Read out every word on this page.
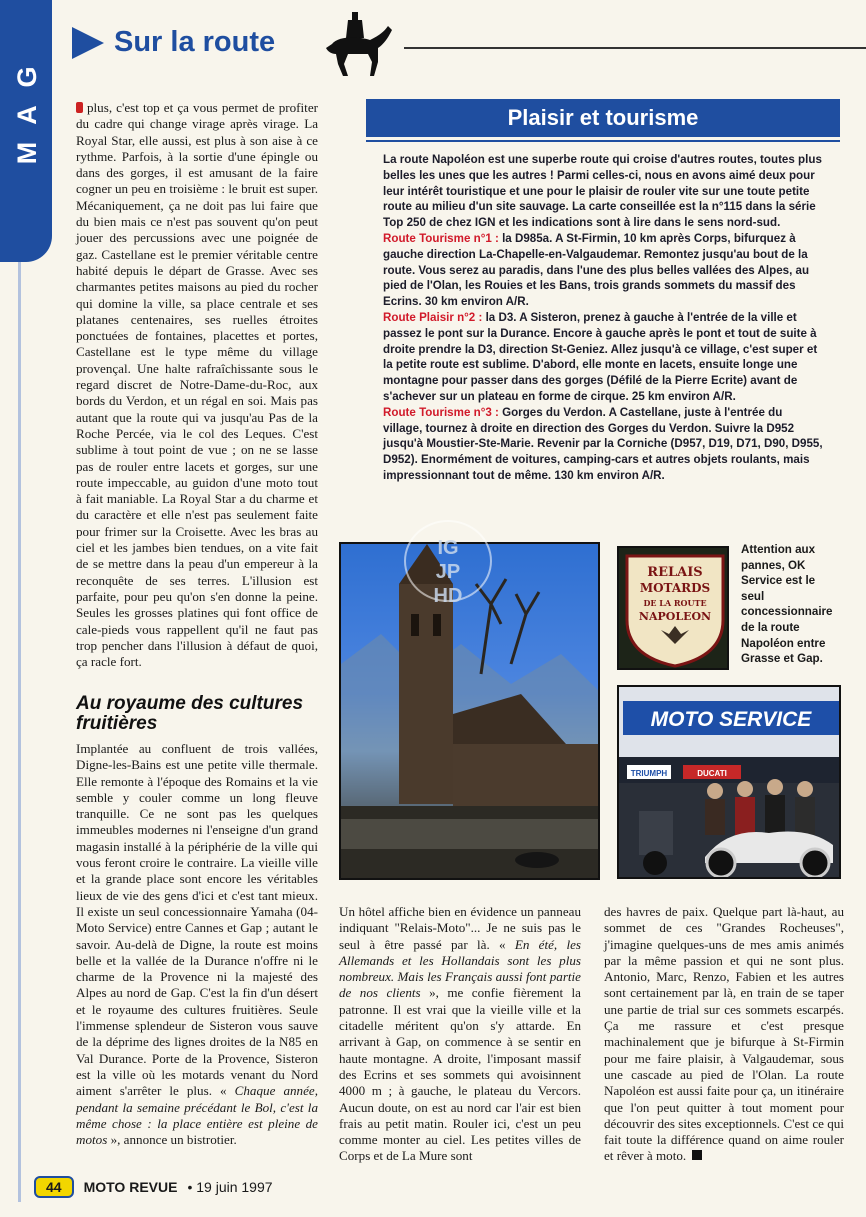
G
A
M
Sur la route
plus, c'est top et ça vous permet de profiter du cadre qui change virage après virage. La Royal Star, elle aussi, est plus à son aise à ce rythme. Parfois, à la sortie d'une épingle ou dans des gorges, il est amusant de la faire cogner un peu en troisième : le bruit est super. Mécaniquement, ça ne doit pas lui faire que du bien mais ce n'est pas souvent qu'on peut jouer des percussions avec une poignée de gaz. Castellane est le premier véritable centre habité depuis le départ de Grasse. Avec ses charmantes petites maisons au pied du rocher qui domine la ville, sa place centrale et ses platanes centenaires, ses ruelles étroites ponctuées de fontaines, placettes et portes, Castellane est le type même du village provençal. Une halte rafraîchissante sous le regard discret de Notre-Dame-du-Roc, aux bords du Verdon, et un régal en soi. Mais pas autant que la route qui va jusqu'au Pas de la Roche Percée, via le col des Leques. C'est sublime à tout point de vue ; on ne se lasse pas de rouler entre lacets et gorges, sur une route impeccable, au guidon d'une moto tout à fait maniable. La Royal Star a du charme et du caractère et elle n'est pas seulement faite pour frimer sur la Croisette. Avec les bras au ciel et les jambes bien tendues, on a vite fait de se mettre dans la peau d'un empereur à la reconquête de ses terres. L'illusion est parfaite, pour peu qu'on s'en donne la peine. Seules les grosses platines qui font office de cale-pieds vous rappellent qu'il ne faut pas trop pencher dans l'illusion à défaut de quoi, ça racle fort.
Au royaume des cultures fruitières
Implantée au confluent de trois vallées, Digne-les-Bains est une petite ville thermale. Elle remonte à l'époque des Romains et la vie semble y couler comme un long fleuve tranquille. Ce ne sont pas les quelques immeubles modernes ni l'enseigne d'un grand magasin installé à la périphérie de la ville qui vous feront croire le contraire. La vieille ville et la grande place sont encore les véritables lieux de vie des gens d'ici et c'est tant mieux. Il existe un seul concessionnaire Yamaha (04-Moto Service) entre Cannes et Gap ; autant le savoir. Au-delà de Digne, la route est moins belle et la vallée de la Durance n'offre ni le charme de la Provence ni la majesté des Alpes au nord de Gap. C'est la fin d'un désert et le royaume des cultures fruitières. Seule l'immense splendeur de Sisteron vous sauve de la déprime des lignes droites de la N85 en Val Durance. Porte de la Provence, Sisteron est la ville où les motards venant du Nord aiment s'arrêter le plus. « Chaque année, pendant la semaine précédant le Bol, c'est la même chose : la place entière est pleine de motos », annonce un bistrotier.
Plaisir et tourisme

La route Napoléon est une superbe route qui croise d'autres routes, toutes plus belles les unes que les autres ! Parmi celles-ci, nous en avons aimé deux pour leur intérêt touristique et une pour le plaisir de rouler vite sur une toute petite route au milieu d'un site sauvage. La carte conseillée est la n°115 dans la série Top 250 de chez IGN et les indications sont à lire dans le sens nord-sud.

Route Tourisme n°1 : la D985a. A St-Firmin, 10 km après Corps, bifurquez à gauche direction La-Chapelle-en-Valgaudemar. Remontez jusqu'au bout de la route. Vous serez au paradis, dans l'une des plus belles vallées des Alpes, au pied de l'Olan, les Rouies et les Bans, trois grands sommets du massif des Ecrins. 30 km environ A/R.

Route Plaisir n°2 : la D3. A Sisteron, prenez à gauche à l'entrée de la ville et passez le pont sur la Durance. Encore à gauche après le pont et tout de suite à droite prendre la D3, direction St-Geniez. Allez jusqu'à ce village, c'est super et la petite route est sublime. D'abord, elle monte en lacets, ensuite longe une montagne pour passer dans des gorges (Défilé de la Pierre Ecrite) avant de s'achever sur un plateau en forme de cirque. 25 km environ A/R.

Route Tourisme n°3 : Gorges du Verdon. A Castellane, juste à l'entrée du village, tournez à droite en direction des Gorges du Verdon. Suivre la D952 jusqu'à Moustier-Ste-Marie. Revenir par la Corniche (D957, D19, D71, D90, D955, D952). Enormément de voitures, camping-cars et autres objets roulants, mais impressionnant tout de même. 130 km environ A/R.

IG
JP
HD
RELAIS
MOTARDS
DE LA ROUTE
NAPOLEON
Attention aux pannes, OK Service est le seul concessionnaire de la route Napoléon entre Grasse et Gap.
MOTO SERVICE
TRIUMPH	DUCATI
Un hôtel affiche bien en évidence un panneau indiquant "Relais-Moto"... Je ne suis pas le seul à être passé par là. « En été, les Allemands et les Hollandais sont les plus nombreux. Mais les Français aussi font partie de nos clients », me confie fièrement la patronne. Il est vrai que la vieille ville et la citadelle méritent qu'on s'y attarde. En arrivant à Gap, on commence à se sentir en haute montagne. A droite, l'imposant massif des Ecrins et ses sommets qui avoisinnent 4000 m ; à gauche, le plateau du Vercors. Aucun doute, on est au nord car l'air est bien frais au petit matin. Rouler ici, c'est un peu comme monter au ciel. Les petites villes de Corps et de La Mure sont
des havres de paix. Quelque part là-haut, au sommet de ces "Grandes Rocheuses", j'imagine quelques-uns de mes amis animés par la même passion et qui ne sont plus. Antonio, Marc, Renzo, Fabien et les autres sont certainement par là, en train de se taper une partie de trial sur ces sommets escarpés. Ça me rassure et c'est presque machinalement que je bifurque à St-Firmin pour me faire plaisir, à Valgaudemar, sous une cascade au pied de l'Olan. La route Napoléon est aussi faite pour ça, un itinéraire que l'on peut quitter à tout moment pour découvrir des sites exceptionnels. C'est ce qui fait toute la différence quand on aime rouler et rêver à moto.
44	MOTO REVUE • 19 juin 1997
